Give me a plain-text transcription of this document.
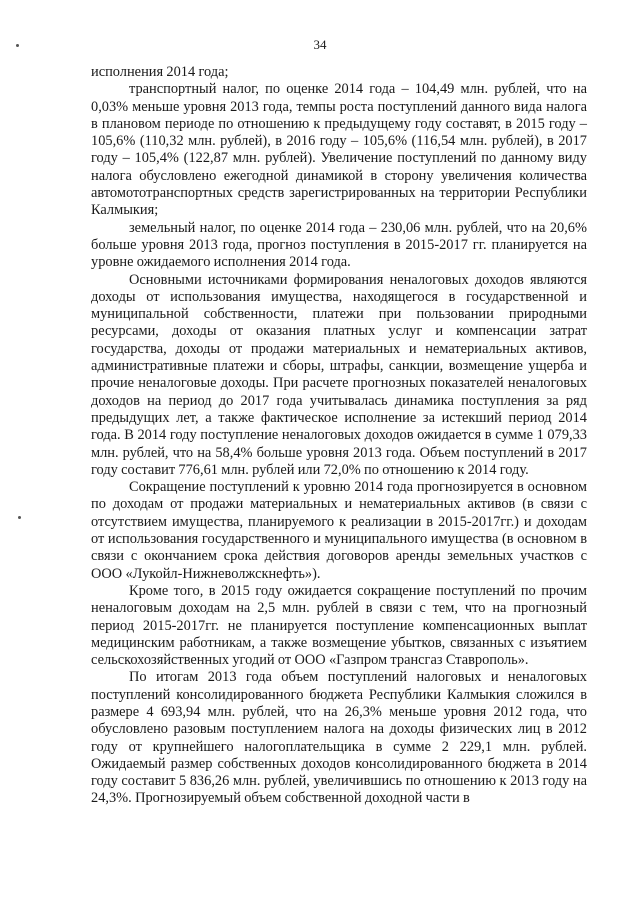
34

исполнения 2014 года;

транспортный налог, по оценке 2014 года – 104,49 млн. рублей, что на 0,03% меньше уровня 2013 года, темпы роста поступлений данного вида налога в плановом периоде по отношению к предыдущему году составят, в 2015 году – 105,6% (110,32 млн. рублей), в 2016 году – 105,6% (116,54 млн. рублей), в 2017 году – 105,4% (122,87 млн. рублей). Увеличение поступлений по данному виду налога обусловлено ежегодной динамикой в сторону увеличения количества автомототранспортных средств зарегистрированных на территории Республики Калмыкия;

земельный налог, по оценке 2014 года – 230,06 млн. рублей, что на 20,6% больше уровня 2013 года, прогноз поступления в 2015-2017 гг. планируется на уровне ожидаемого исполнения 2014 года.

Основными источниками формирования неналоговых доходов являются доходы от использования имущества, находящегося в государственной и муниципальной собственности, платежи при пользовании природными ресурсами, доходы от оказания платных услуг и компенсации затрат государства, доходы от продажи материальных и нематериальных активов, административные платежи и сборы, штрафы, санкции, возмещение ущерба и прочие неналоговые доходы. При расчете прогнозных показателей неналоговых доходов на период до 2017 года учитывалась динамика поступления за ряд предыдущих лет, а также фактическое исполнение за истекший период 2014 года. В 2014 году поступление неналоговых доходов ожидается в сумме 1 079,33 млн. рублей, что на 58,4% больше уровня 2013 года. Объем поступлений в 2017 году составит 776,61 млн. рублей или 72,0% по отношению к 2014 году.

Сокращение поступлений к уровню 2014 года прогнозируется в основном по доходам от продажи материальных и нематериальных активов (в связи с отсутствием имущества, планируемого к реализации в 2015-2017гг.) и доходам от использования государственного и муниципального имущества (в основном в связи с окончанием срока действия договоров аренды земельных участков с ООО «Лукойл-Нижневолжскнефть»).

Кроме того, в 2015 году ожидается сокращение поступлений по прочим неналоговым доходам на 2,5 млн. рублей в связи с тем, что на прогнозный период 2015-2017гг. не планируется поступление компенсационных выплат медицинским работникам, а также возмещение убытков, связанных с изъятием сельскохозяйственных угодий от ООО «Газпром трансгаз Ставрополь».

По итогам 2013 года объем поступлений налоговых и неналоговых поступлений консолидированного бюджета Республики Калмыкия сложился в размере 4 693,94 млн. рублей, что на 26,3% меньше уровня 2012 года, что обусловлено разовым поступлением налога на доходы физических лиц в 2012 году от крупнейшего налогоплательщика в сумме 2 229,1 млн. рублей. Ожидаемый размер собственных доходов консолидированного бюджета в 2014 году составит 5 836,26 млн. рублей, увеличившись по отношению к 2013 году на 24,3%. Прогнозируемый объем собственной доходной части в
